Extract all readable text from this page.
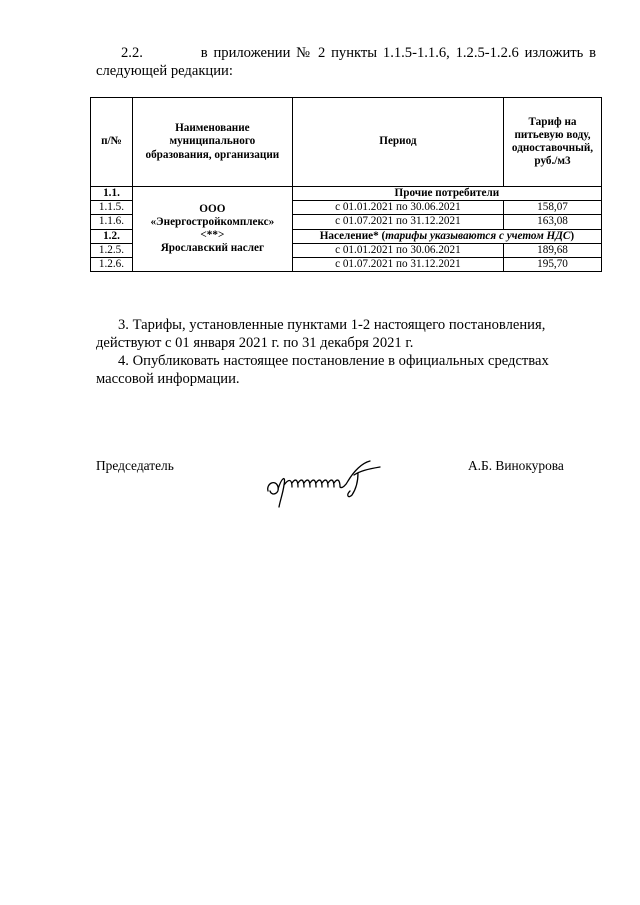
2.2.          в приложении № 2 пункты 1.1.5-1.1.6, 1.2.5-1.2.6 изложить в следующей редакции:
п/№	Наименование муниципального образования, организации	Период	Тариф на питьевую воду, одноставочный, руб./м3
1.1.	ООО
«Энергостройкомплекс»
<**>
Ярославский наслег	Прочие потребители	
1.1.5.		с 01.01.2021 по 30.06.2021	158,07
1.1.6.		с 01.07.2021 по 31.12.2021	163,08
1.2.		Население* (тарифы указываются с учетом НДС)	
1.2.5.		с 01.01.2021 по 30.06.2021	189,68
1.2.6.		с 01.07.2021 по 31.12.2021	195,70
3. Тарифы, установленные пунктами 1-2 настоящего постановления,
действуют с 01 января 2021 г. по 31 декабря 2021 г.
4. Опубликовать настоящее постановление в официальных средствах
массовой информации.
Председатель	А.Б. Винокурова
